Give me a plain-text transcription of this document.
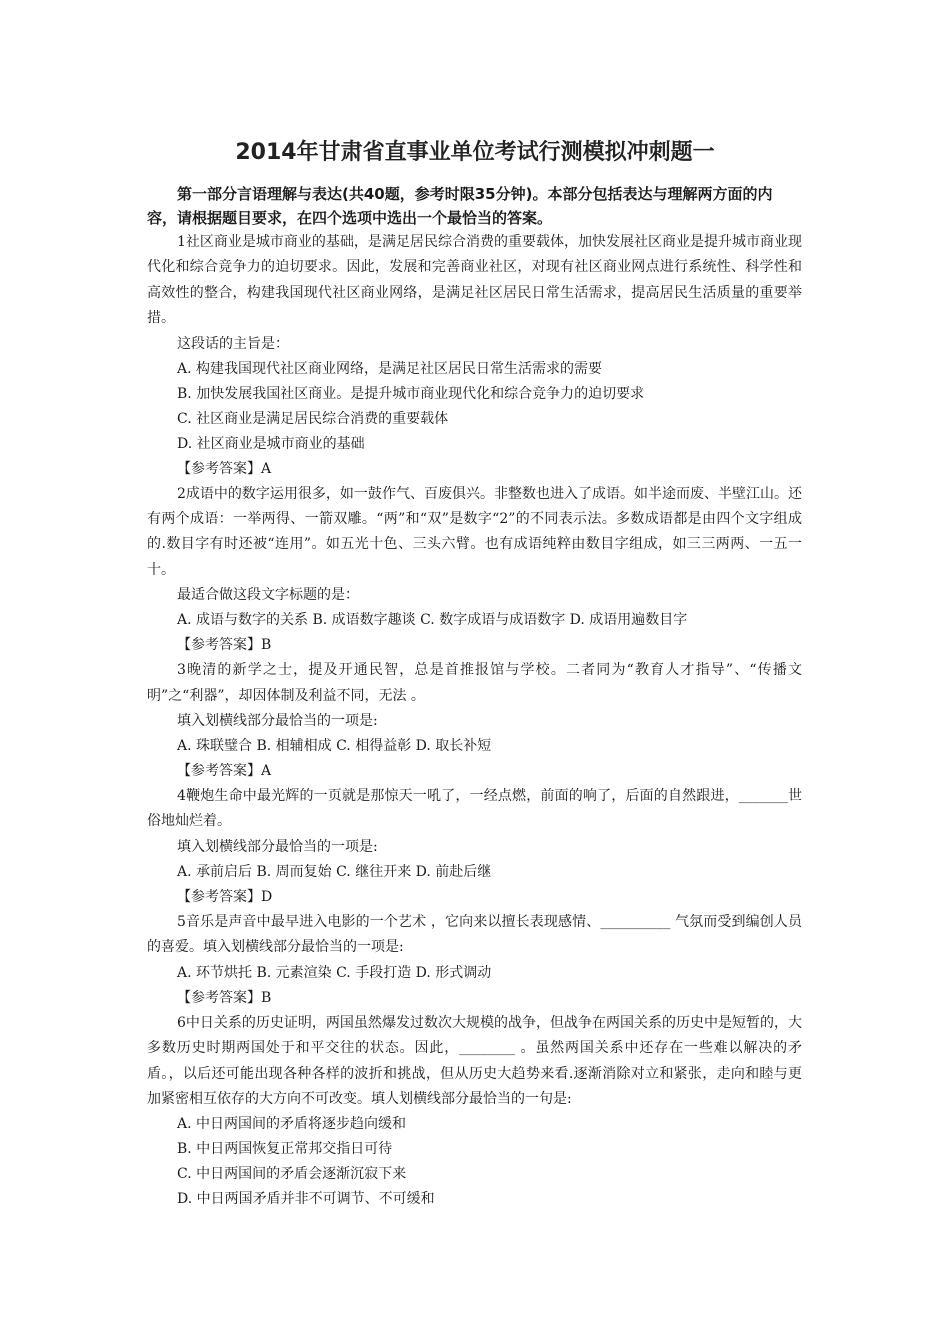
2014年甘肃省直事业单位考试行测模拟冲刺题一

第一部分言语理解与表达(共40题，参考时限35分钟)。本部分包括表达与理解两方面的内容，请根据题目要求，在四个选项中选出一个最恰当的答案。

1社区商业是城市商业的基础，是满足居民综合消费的重要载体，加快发展社区商业是提升城市商业现代化和综合竞争力的迫切要求。因此，发展和完善商业社区，对现有社区商业网点进行系统性、科学性和高效性的整合，构建我国现代社区商业网络，是满足社区居民日常生活需求，提高居民生活质量的重要举措。

这段话的主旨是：

A. 构建我国现代社区商业网络，是满足社区居民日常生活需求的需要

B. 加快发展我国社区商业。是提升城市商业现代化和综合竞争力的迫切要求

C. 社区商业是满足居民综合消费的重要载体

D. 社区商业是城市商业的基础

【参考答案】A

2成语中的数字运用很多，如一鼓作气、百废俱兴。非整数也进入了成语。如半途而废、半壁江山。还有两个成语：一举两得、一箭双雕。“两”和“双”是数字“2”的不同表示法。多数成语都是由四个文字组成的.数目字有时还被“连用”。如五光十色、三头六臂。也有成语纯粹由数目字组成，如三三两两、一五一十。

最适合做这段文字标题的是：

A. 成语与数字的关系 B. 成语数字趣谈 C. 数字成语与成语数字 D. 成语用遍数目字

【参考答案】B

3晚清的新学之士，提及开通民智，总是首推报馆与学校。二者同为“教育人才指导”、“传播文明”之“利器”，却因体制及利益不同，无法 。

填入划横线部分最恰当的一项是:

A. 珠联璧合 B. 相辅相成 C. 相得益彰 D. 取长补短

【参考答案】A

4鞭炮生命中最光辉的一页就是那惊天一吼了，一经点燃，前面的响了，后面的自然跟进，_______世俗地灿烂着。

填入划横线部分最恰当的一项是:

A. 承前启后 B. 周而复始 C. 继往开来 D. 前赴后继

【参考答案】D

5音乐是声音中最早进入电影的一个艺术 ，它向来以擅长表现感情、__________ 气氛而受到编创人员的喜爱。填入划横线部分最恰当的一项是:

A. 环节烘托 B. 元素渲染 C. 手段打造 D. 形式调动

【参考答案】B

6中日关系的历史证明，两国虽然爆发过数次大规模的战争，但战争在两国关系的历史中是短暂的，大多数历史时期两国处于和平交往的状态。因此，________ 。虽然两国关系中还存在一些难以解决的矛盾。，以后还可能出现各种各样的波折和挑战，但从历史大趋势来看.逐渐消除对立和紧张，走向和睦与更加紧密相互依存的大方向不可改变。填人划横线部分最恰当的一句是:

A. 中日两国间的矛盾将逐步趋向缓和

B. 中日两国恢复正常邦交指日可待

C. 中日两国间的矛盾会逐渐沉寂下来

D. 中日两国矛盾并非不可调节、不可缓和
